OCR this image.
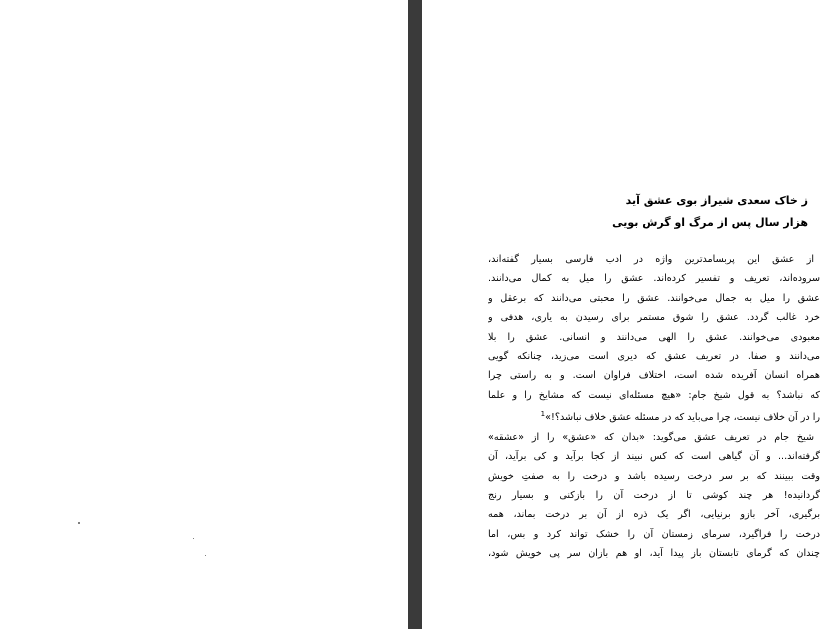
ز خاک سعدی شیراز بوی عشق آید
هزار سال پس از مرگ او گرش بویی
از عشق این پربسامدترین واژه در ادب فارسی بسیار گفته‌اند،
سروده‌اند، تعریف و تفسیر کرده‌اند. عشق را میل به کمال می‌دانند.
عشق را میل به جمال می‌خوانند. عشق را محبتی می‌دانند که برعقل و
خرد غالب گردد. عشق را شوق مستمر برای رسیدن به یاری، هدفی و
معبودی می‌خوانند. عشق را الهی می‌دانند و انسانی. عشق را بلا
می‌دانند و صفا. در تعریف عشق که دیری است می‌زید، چنانکه گویی
همراه انسان آفریده شده است، اختلاف فراوان است. و به راستی چرا
که نباشد؟ به قول شیخ جام: «هیچ مسئله‌ای نیست که مشایخ را و علما
را در آن خلاف نیست، چرا می‌باید که در مسئله عشق خلاف نباشد؟!»$^1$
شیخ جام در تعریف عشق می‌گوید: «بدان که «عشق» را از «عشقه»
گرفته‌اند... و آن گیاهی است که کس نبیند از کجا برآید و کی برآید، آن
وقت ببینند که بر سر درخت رسیده باشد و درخت را به صفتِ خویش
گردانیده! هر چند کوشی تا از درخت آن را بازکنی و بسیار رنج
برگیری، آخر بازو برنیایی، اگر یک ذره از آن بر درخت بماند، همه
درخت را فراگیرد، سرمای زمستان آن را خشک تواند کرد و بس، اما
چندان که گرمای تابستان باز پیدا آید، او هم بازان سر پی خویش شود،
